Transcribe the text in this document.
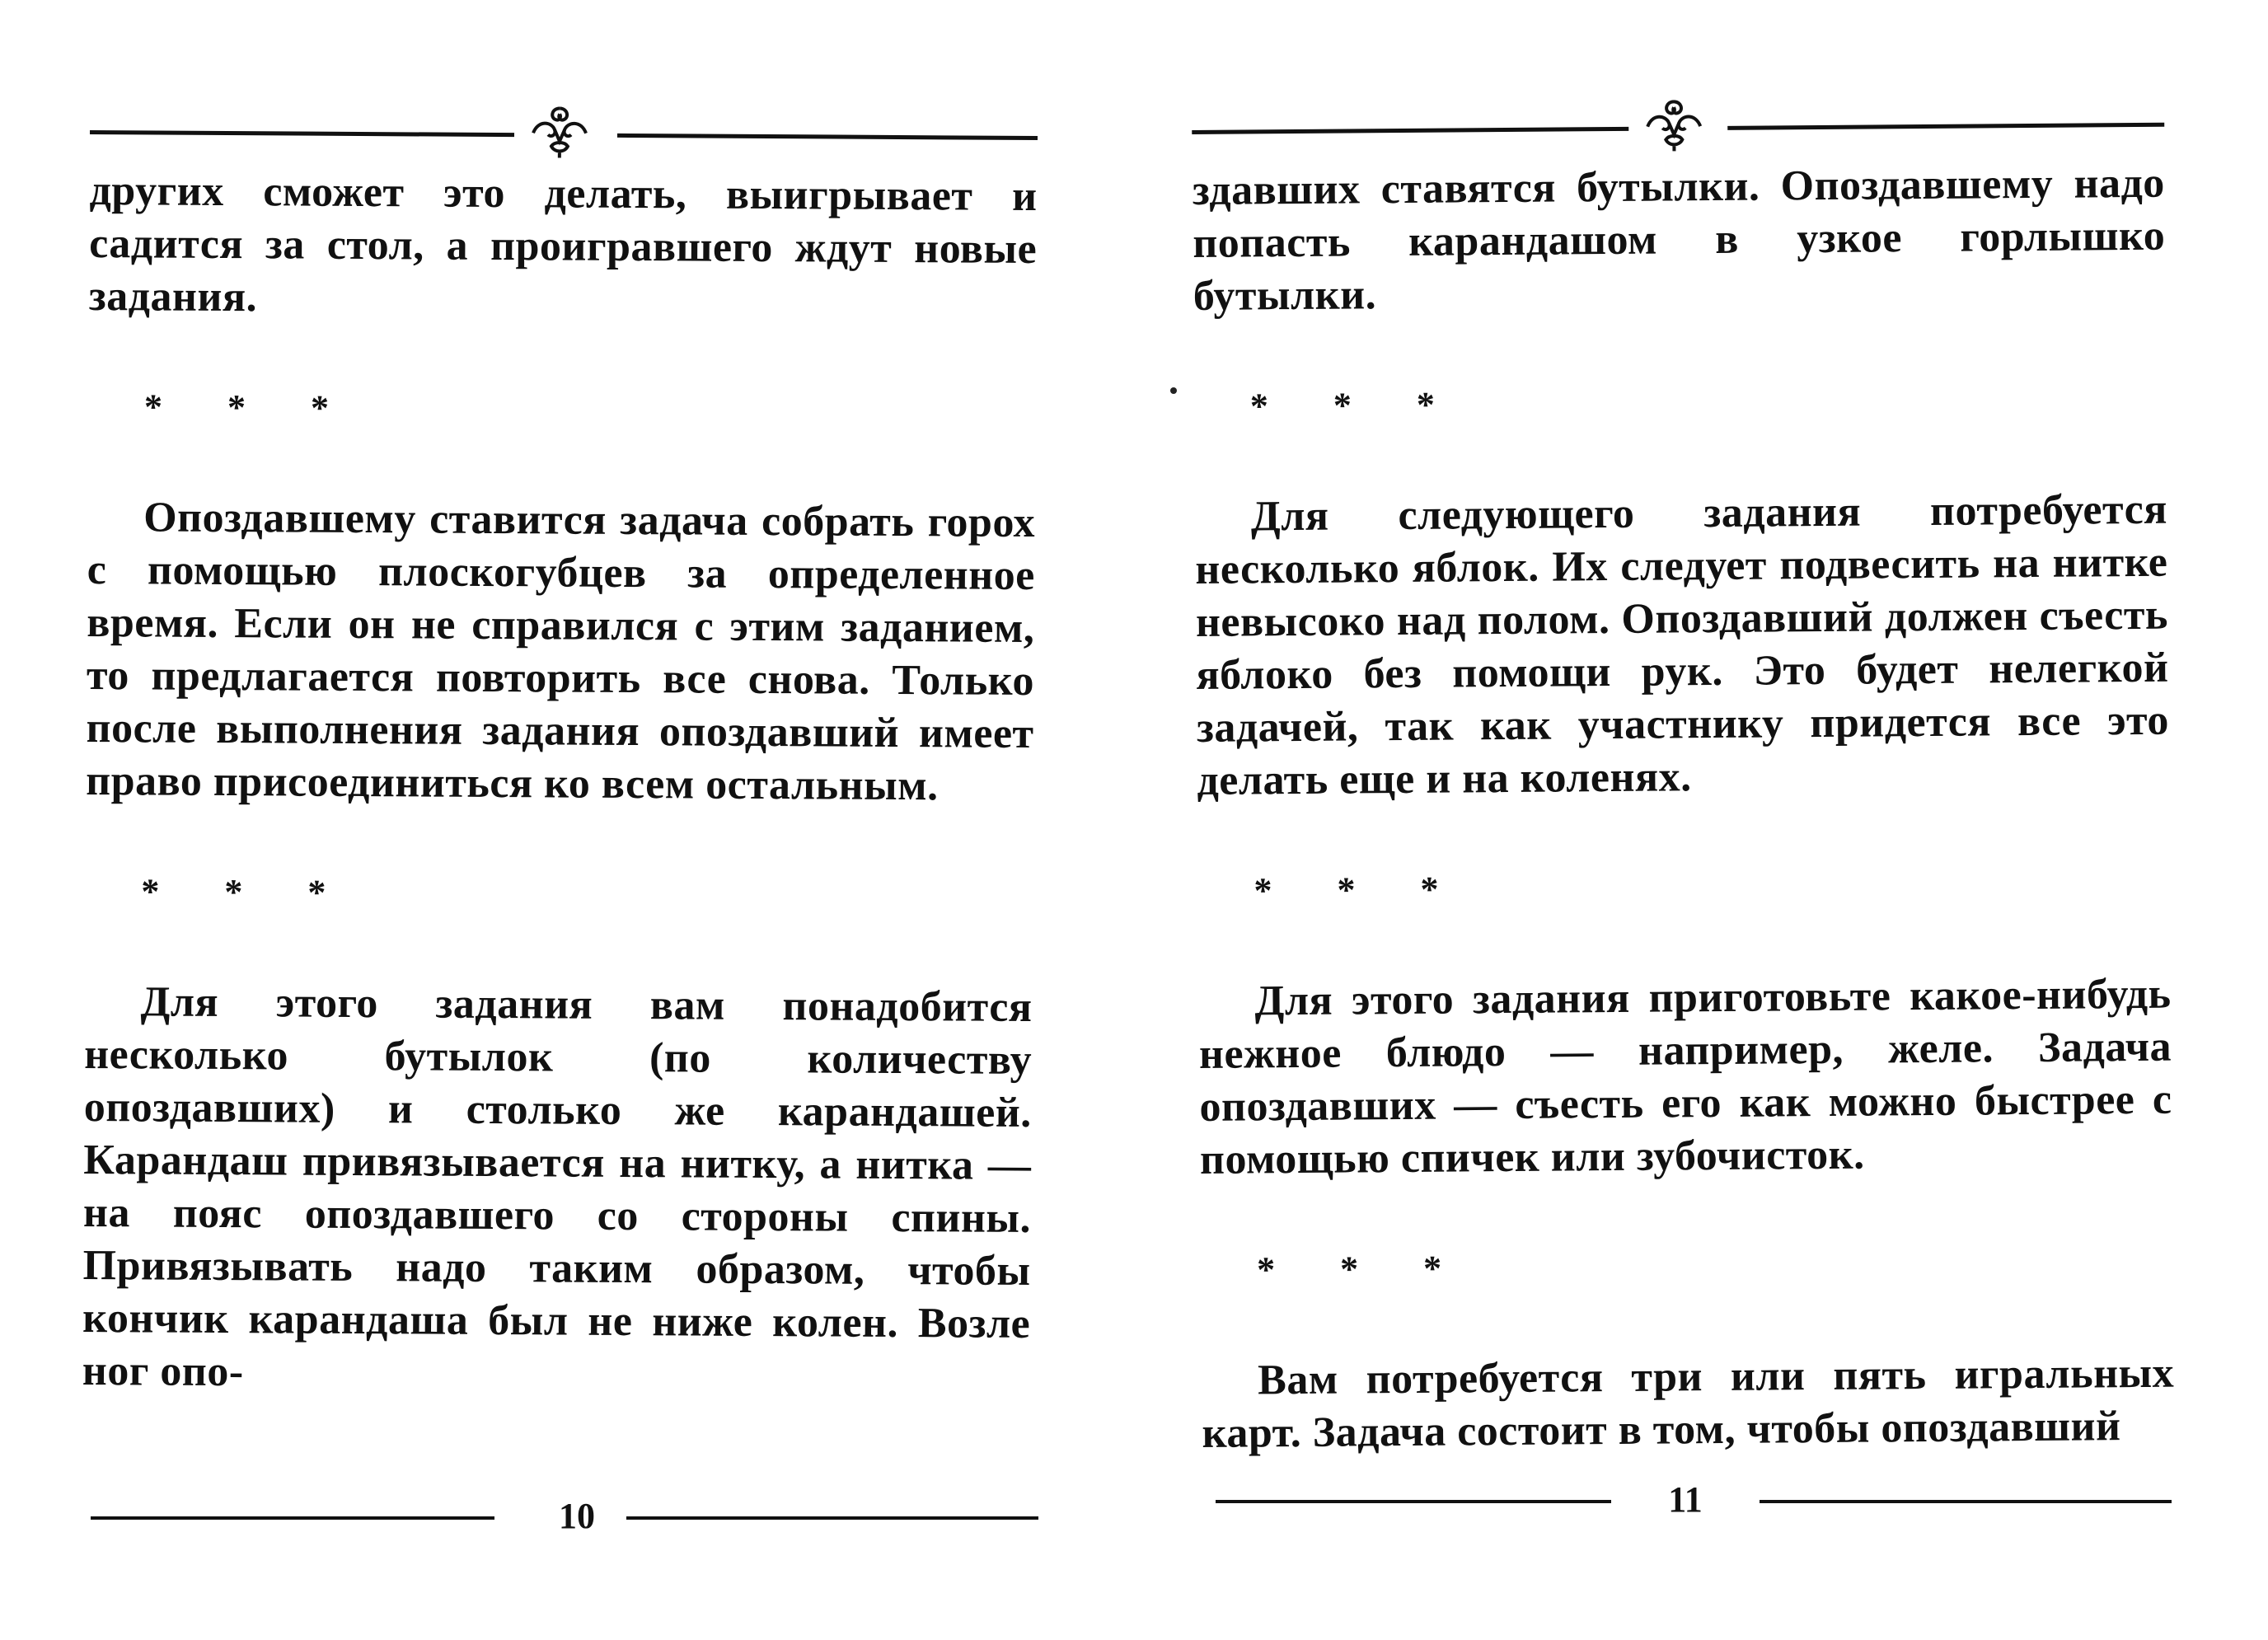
других сможет это делать, выигрывает и садится за стол, а проигравшего ждут новые задания.

* * *

Опоздавшему ставится задача собрать горох с помощью плоскогубцев за определенное время. Если он не справился с этим заданием, то предлагается повторить все снова. Только после выполнения задания опоздавший имеет право присоединиться ко всем остальным.

* * *

Для этого задания вам понадобится несколько бутылок (по количеству опоздавших) и столько же карандашей. Карандаш привязывается на нитку, а нитка — на пояс опоздавшего со стороны спины. Привязывать надо таким образом, чтобы кончик карандаша был не ниже колен. Возле ног опо-

10

здавших ставятся бутылки. Опоздавшему надо попасть карандашом в узкое горлышко бутылки.

* * *

Для следующего задания потребуется несколько яблок. Их следует подвесить на нитке невысоко над полом. Опоздавший должен съесть яблоко без помощи рук. Это будет нелегкой задачей, так как участнику придется все это делать еще и на коленях.

* * *

Для этого задания приготовьте какое-нибудь нежное блюдо — например, желе. Задача опоздавших — съесть его как можно быстрее с помощью спичек или зубочисток.

* * *

Вам потребуется три или пять игральных карт. Задача состоит в том, чтобы опоздавший

11
